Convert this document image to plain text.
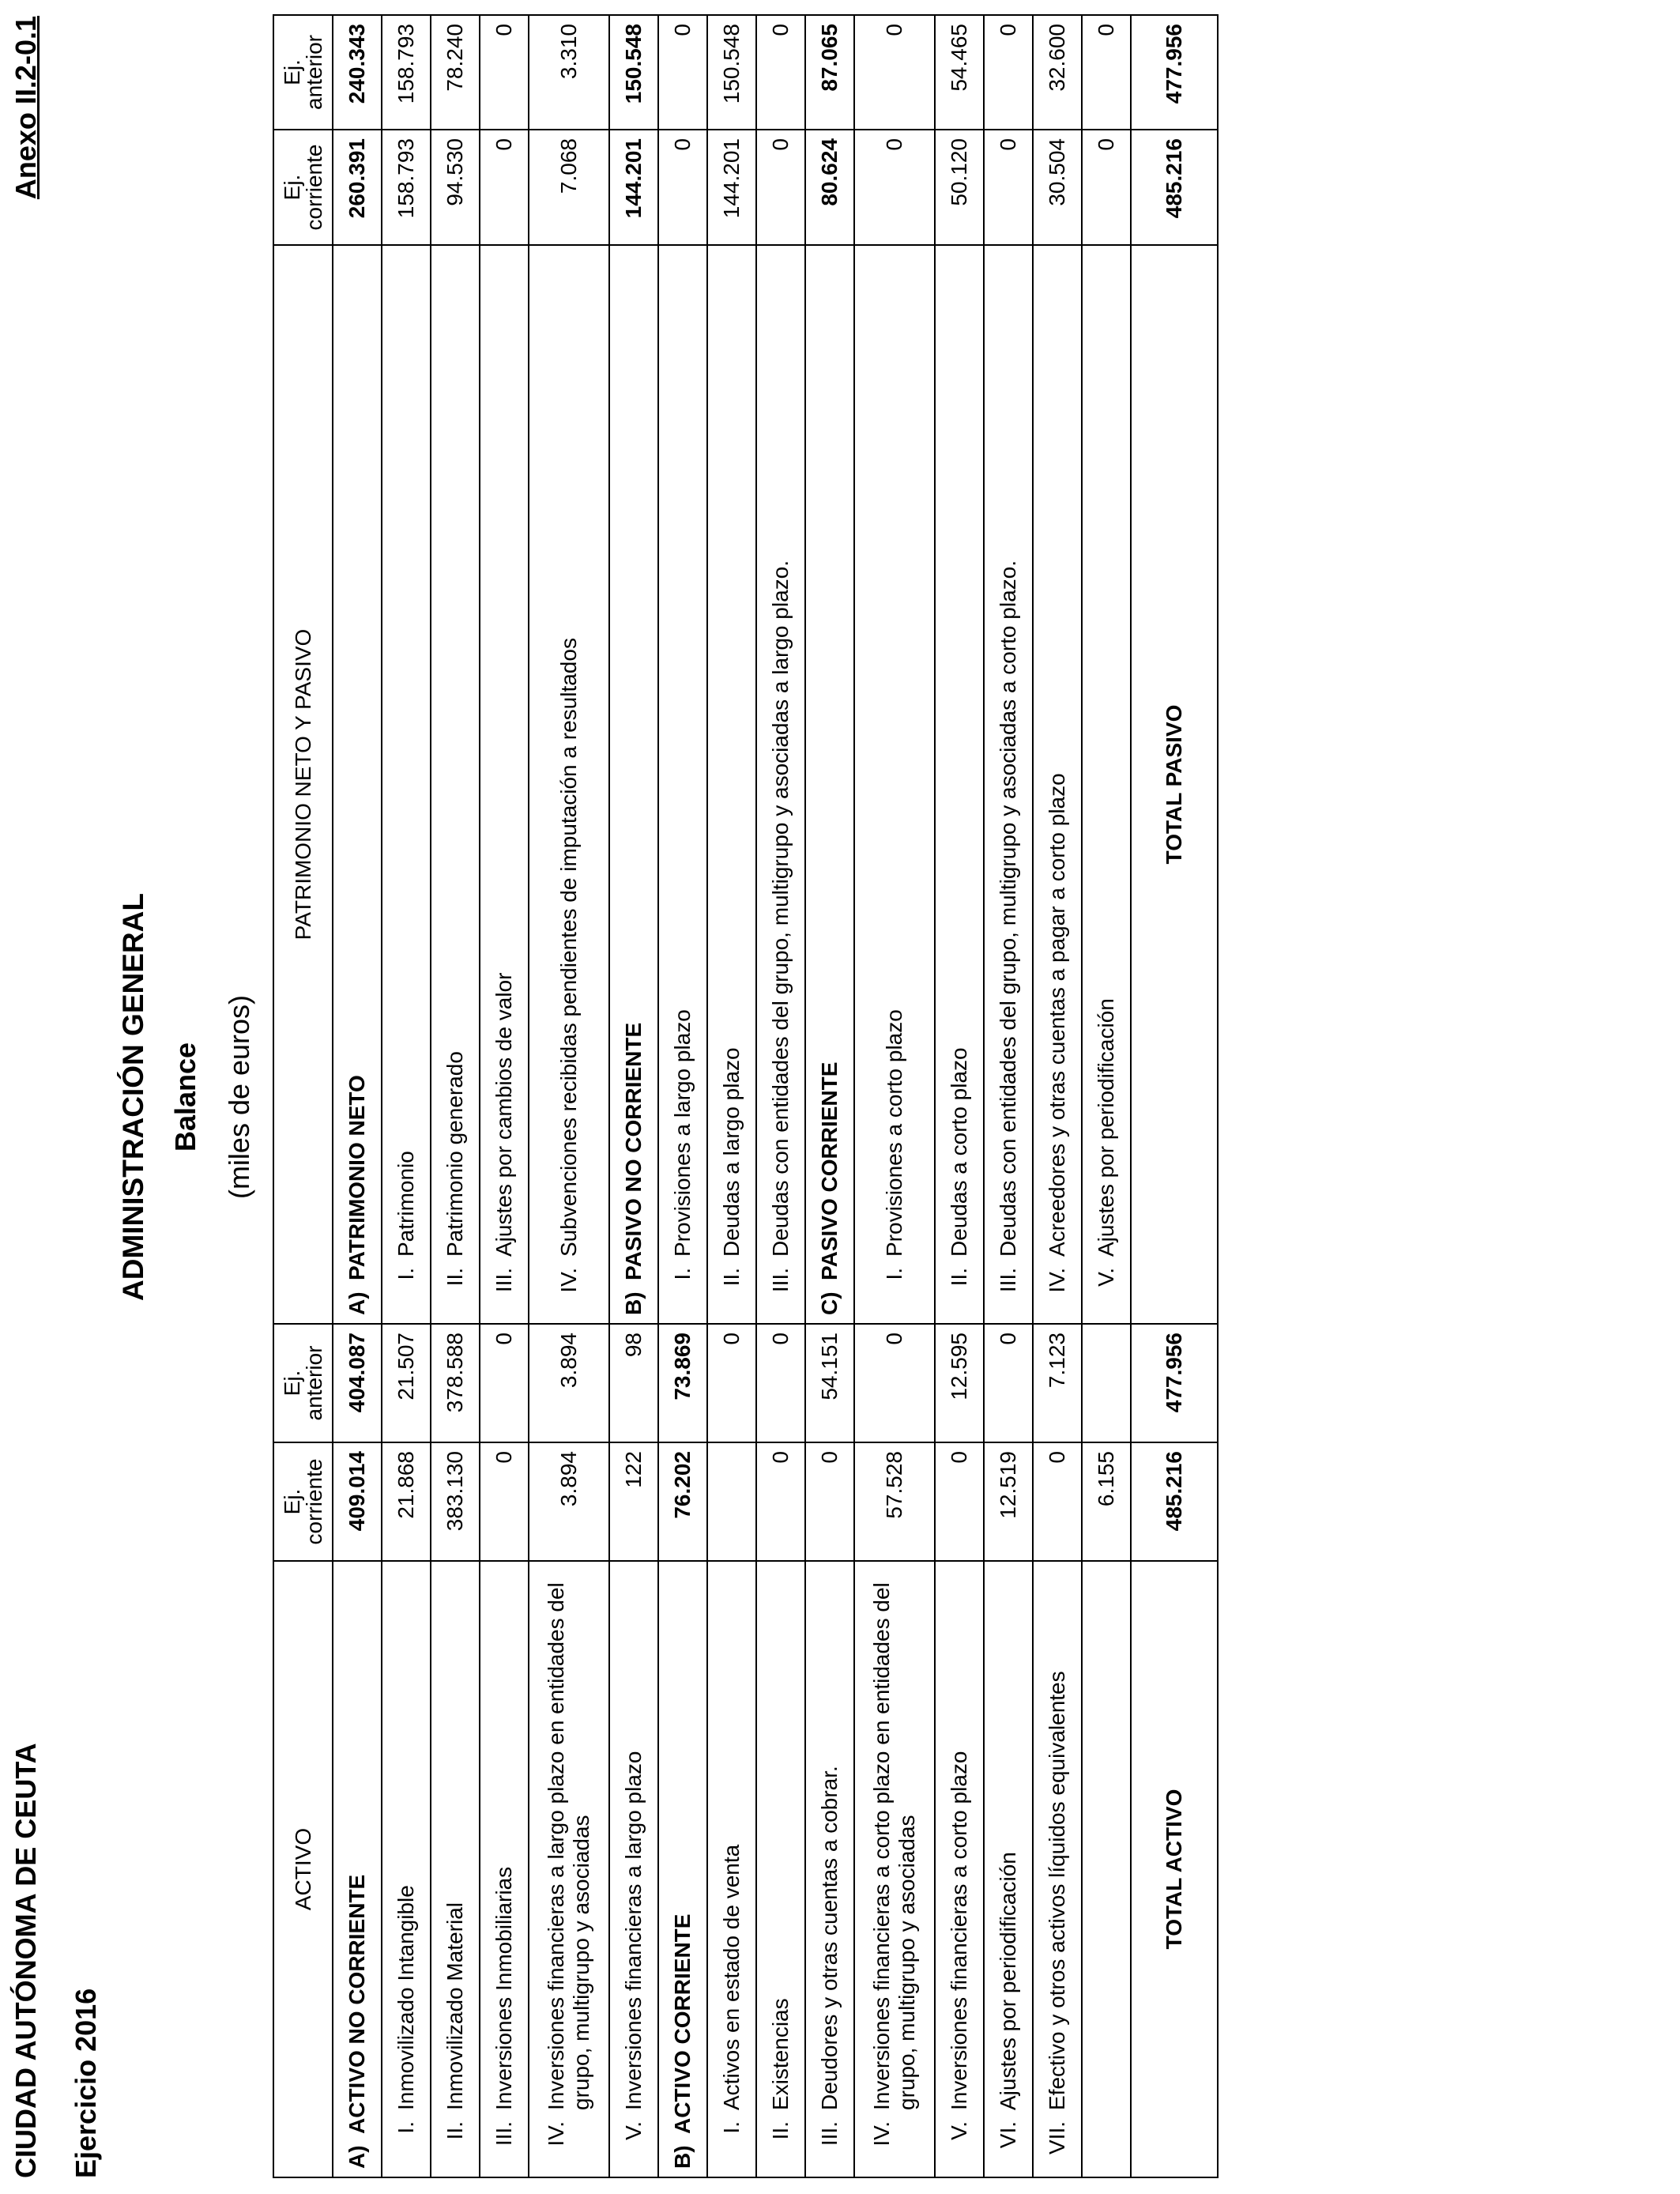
CIUDAD AUTÓNOMA DE CEUTA Ejercicio 2016
Anexo II.2-0.1
ADMINISTRACIÓN GENERAL Balance (miles de euros)
ACTIVO	Ej. corriente	Ej. anterior	PATRIMONIO NETO Y PASIVO	Ej. corriente	Ej. anterior
A)ACTIVO NO CORRIENTE	409.014	404.087	A)PATRIMONIO NETO	260.391	240.343
I.Inmovilizado Intangible	21.868	21.507	I.Patrimonio	158.793	158.793
II.Inmovilizado Material	383.130	378.588	II.Patrimonio generado	94.530	78.240
III.Inversiones Inmobiliarias	0	0	III.Ajustes por cambios de valor	0	0
IV.Inversiones financieras a largo plazo en entidades del grupo, multigrupo y asociadas	3.894	3.894	IV.Subvenciones recibidas pendientes de imputación a resultados	7.068	3.310
V.Inversiones financieras a largo plazo	122	98	B)PASIVO NO CORRIENTE	144.201	150.548
B)ACTIVO CORRIENTE	76.202	73.869	I.Provisiones a largo plazo	0	0
I.Activos en estado de venta		0	II.Deudas a largo plazo	144.201	150.548
II.Existencias	0	0	III.Deudas con entidades del grupo, multigrupo y asociadas a largo plazo.	0	0
III.Deudores y otras cuentas a cobrar.	0	54.151	C)PASIVO CORRIENTE	80.624	87.065
IV.Inversiones financieras a corto plazo en entidades del grupo, multigrupo y asociadas	57.528	0	I.Provisiones a corto plazo	0	0
V.Inversiones financieras a corto plazo	0	12.595	II.Deudas a corto plazo	50.120	54.465
VI.Ajustes por periodificación	12.519	0	III.Deudas con entidades del grupo, multigrupo y asociadas a corto plazo.	0	0
VII.Efectivo y otros activos líquidos equivalentes	0	7.123	IV.Acreedores y otras cuentas a pagar a corto plazo	30.504	32.600
	6.155		V.Ajustes por periodificación	0	0
TOTAL ACTIVO	485.216	477.956	TOTAL PASIVO	485.216	477.956
